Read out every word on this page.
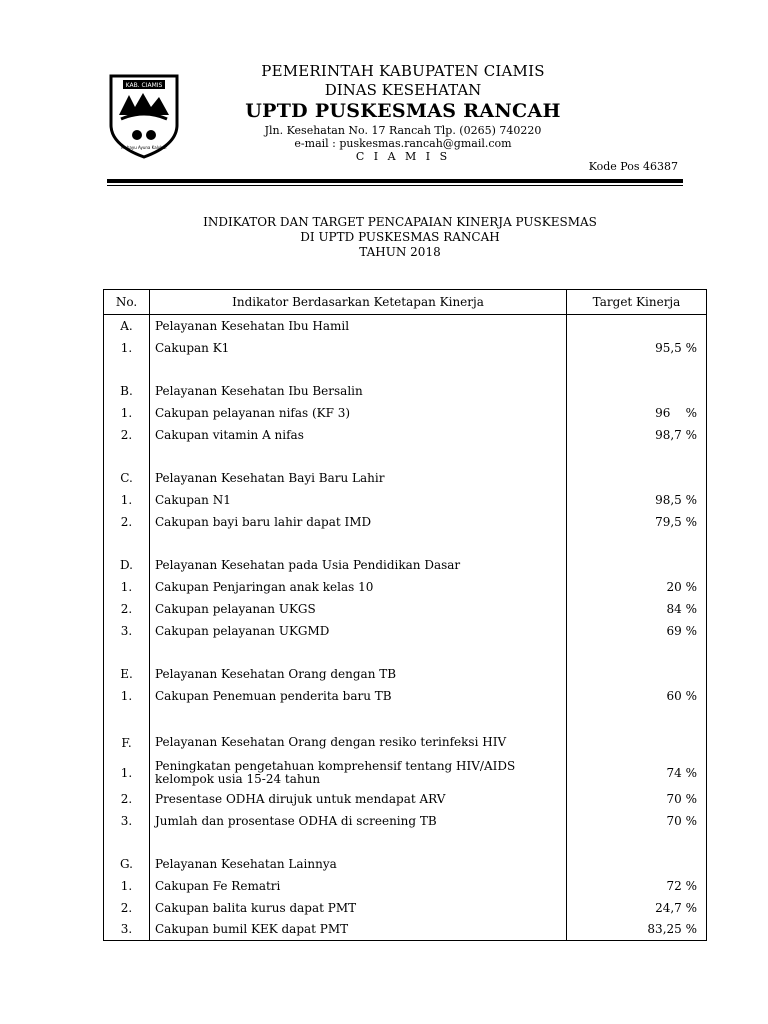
KAB. CIAMIS
Mahayu Ayuna Kaluhur
PEMERINTAH KABUPATEN CIAMIS
DINAS KESEHATAN
UPTD PUSKESMAS RANCAH
Jln. Kesehatan No. 17 Rancah Tlp. (0265) 740220
e-mail : puskesmas.rancah@gmail.com
C I A M I S
Kode Pos 46387
INDIKATOR DAN TARGET PENCAPAIAN KINERJA PUSKESMAS
DI UPTD PUSKESMAS RANCAH
TAHUN 2018
No.	Indikator Berdasarkan Ketetapan Kinerja	Target Kinerja
A.	Pelayanan Kesehatan Ibu Hamil	
1.	Cakupan K1	95,5 %

B.	Pelayanan Kesehatan Ibu Bersalin	
1.	Cakupan pelayanan nifas (KF 3)	96    %
2.	Cakupan vitamin A nifas	98,7 %

C.	Pelayanan Kesehatan Bayi Baru Lahir	
1.	Cakupan N1	98,5 %
2.	Cakupan bayi baru lahir dapat IMD	79,5 %

D.	Pelayanan Kesehatan pada Usia Pendidikan Dasar	
1.	Cakupan Penjaringan anak kelas 10	20 %
2.	Cakupan pelayanan UKGS	84 %
3.	Cakupan pelayanan UKGMD	69 %

E.	Pelayanan Kesehatan Orang dengan TB	
1.	Cakupan Penemuan penderita baru TB	60 %

F.	Pelayanan Kesehatan Orang dengan resiko terinfeksi HIV	
1.	Peningkatan pengetahuan komprehensif tentang HIV/AIDS kelompok usia 15-24 tahun	74 %
2.	Presentase ODHA dirujuk untuk mendapat ARV	70 %
3.	Jumlah dan prosentase ODHA di screening TB	70 %

G.	Pelayanan Kesehatan Lainnya	
1.	Cakupan Fe Rematri	72 %
2.	Cakupan balita kurus dapat PMT	24,7 %
3.	Cakupan bumil KEK dapat PMT	83,25 %
